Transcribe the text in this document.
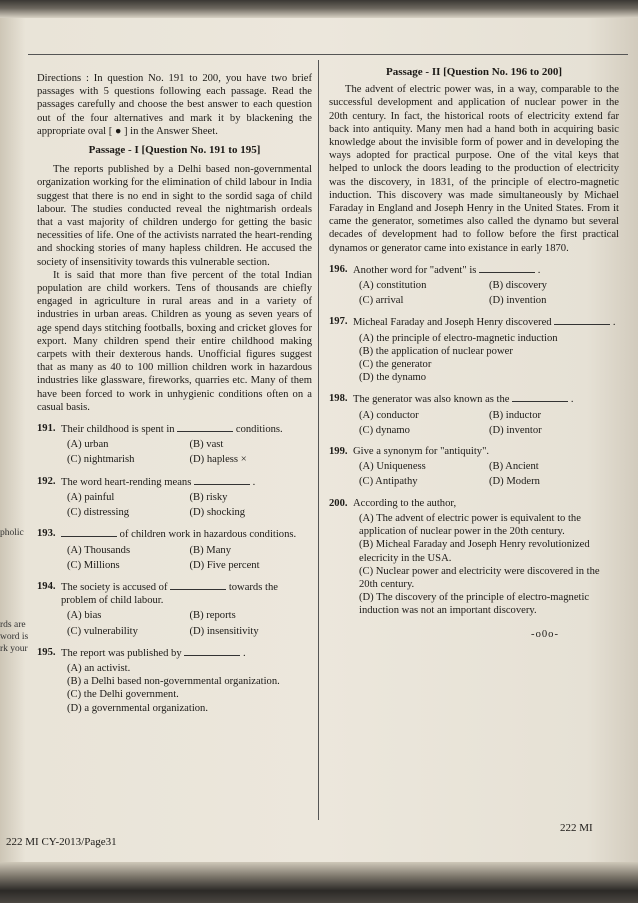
pholic
rds are
word is
rk your

Directions : In question No. 191 to 200, you have two brief passages with 5 questions following each passage. Read the passages carefully and choose the best answer to each question out of the four alternatives and mark it by blackening the appropriate oval [ ● ] in the Answer Sheet.

Passage - I [Question No. 191 to 195]

The reports published by a Delhi based non-governmental organization working for the elimination of child labour in India suggest that there is no end in sight to the sordid saga of child labour. The studies conducted reveal the nightmarish ordeals that a vast majority of children undergo for getting the basic necessities of life. One of the activists narrated the heart-rending and shocking stories of many hapless children. He accused the society of insensitivity towards this vulnerable section.

It is said that more than five percent of the total Indian population are child workers. Tens of thousands are chiefly engaged in agriculture in rural areas and in a variety of industries in urban areas. Children as young as seven years of age spend days stitching footballs, boxing and cricket gloves for export. Many children spend their entire childhood making carpets with their dexterous hands. Unofficial figures suggest that as many as 40 to 100 million children work in hazardous industries like glassware, fireworks, quarries etc. Many of them have been forced to work in unhygienic conditions often on a casual basis.

191. Their childhood is spent in	conditions.
(A) urban	(B) vast
(C) nightmarish	(D) hapless ×
192. The word heart-rending means	.
(A) painful	(B) risky
(C) distressing	(D) shocking
193.	of children work in hazardous conditions.
(A) Thousands	(B) Many
(C) Millions	(D) Five percent
194. The society is accused of	towards the problem of child labour.
(A) bias	(B) reports
(C) vulnerability	(D) insensitivity
195. The report was published by	.
(A) an activist.
(B) a Delhi based non-governmental organization.
(C) the Delhi government.
(D) a governmental organization.
Passage - II [Question No. 196 to 200]

The advent of electric power was, in a way, comparable to the successful development and application of nuclear power in the 20th century. In fact, the historical roots of electricity extend far back into antiquity. Many men had a hand both in acquiring basic knowledge about the invisible form of power and in developing the ways adopted for practical purpose. One of the vital keys that helped to unlock the doors leading to the production of electricity was the discovery, in 1831, of the principle of electro-magnetic induction. This discovery was made simultaneously by Michael Faraday in England and Joseph Henry in the United States. From it came the generator, sometimes also called the dynamo but several decades of development had to follow before the first practical dynamos or generator came into existance in early 1870.

196. Another word for "advent" is	.
(A) constitution	(B) discovery
(C) arrival	(D) invention
197. Micheal Faraday and Joseph Henry discovered	.
(A) the principle of electro-magnetic induction
(B) the application of nuclear power
(C) the generator
(D) the dynamo
198. The generator was also known as the	.
(A) conductor	(B) inductor
(C) dynamo	(D) inventor
199. Give a synonym for "antiquity".
(A) Uniqueness	(B) Ancient
(C) Antipathy	(D) Modern
200. According to the author,
(A) The advent of electric power is equivalent to the application of nuclear power in the 20th century.
(B) Micheal Faraday and Joseph Henry revolutionized elecricity in the USA.
(C) Nuclear power and electricity were discovered in the 20th century.
(D) The discovery of the principle of electro-magnetic induction was not an important discovery.
-o0o-
222 MI
222 MI CY-2013/Page31
